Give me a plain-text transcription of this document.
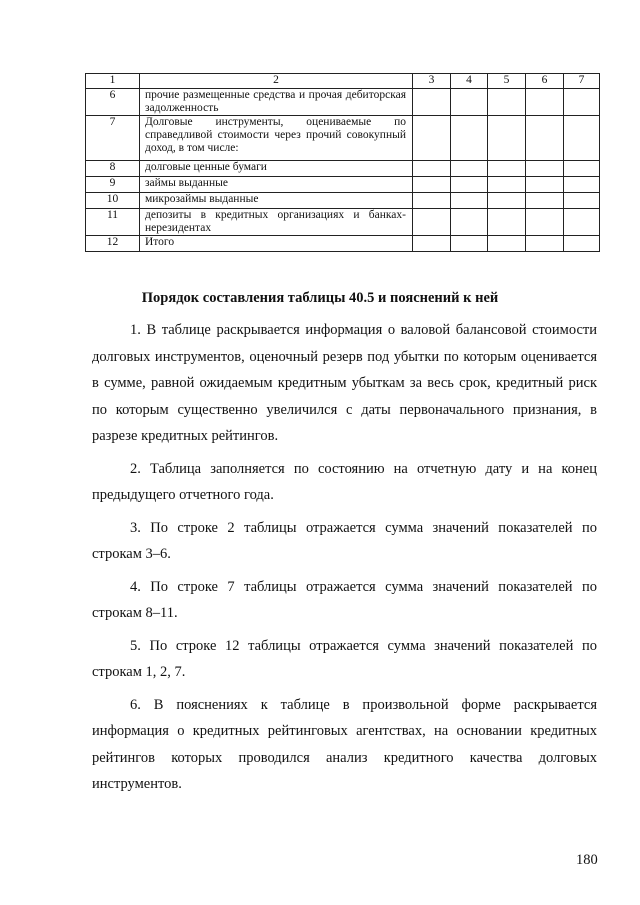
1	2	3	4	5	6	7
6	прочие размещенные средства и прочая дебиторская задолженность					
7	Долговые инструменты, оцениваемые по справедливой стоимости через прочий совокупный доход, в том числе:					
8	долговые ценные бумаги					
9	займы выданные					
10	микрозаймы выданные					
11	депозиты в кредитных организациях и банках-нерезидентах					
12	Итого					
Порядок составления таблицы 40.5 и пояснений к ней

1. В таблице раскрывается информация о валовой балансовой стоимости долговых инструментов, оценочный резерв под убытки по которым оценивается в сумме, равной ожидаемым кредитным убыткам за весь срок, кредитный риск по которым существенно увеличился с даты первоначального признания, в разрезе кредитных рейтингов.

2. Таблица заполняется по состоянию на отчетную дату и на конец предыдущего отчетного года.

3. По строке 2 таблицы отражается сумма значений показателей по строкам 3–6.

4. По строке 7 таблицы отражается сумма значений показателей по строкам 8–11.

5. По строке 12 таблицы отражается сумма значений показателей по строкам 1, 2, 7.

6. В пояснениях к таблице в произвольной форме раскрывается информация о кредитных рейтинговых агентствах, на основании кредитных рейтингов которых проводился анализ кредитного качества долговых инструментов.

180
